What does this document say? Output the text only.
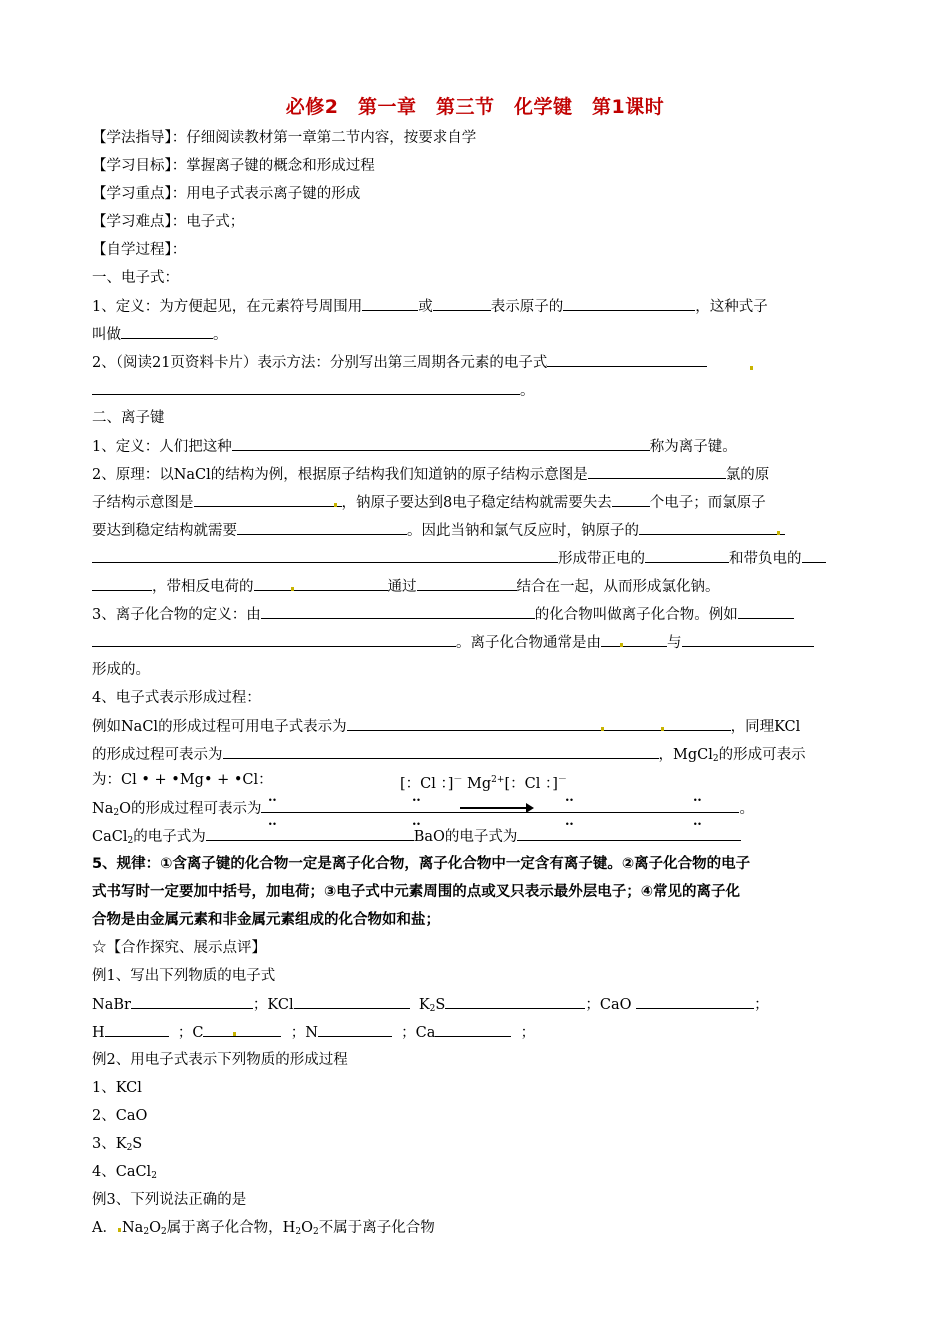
必修2　第一章　第三节　化学键　第1课时
【学法指导】：仔细阅读教材第一章第二节内容，按要求自学
【学习目标】：掌握离子键的概念和形成过程
【学习重点】：用电子式表示离子键的形成
【学习难点】：电子式；
【自学过程】：
一、电子式：
1、定义：为方便起见，在元素符号周围用	或	表示原子的	，这种式子
叫做	。
2、（阅读21页资料卡片）表示方法：分别写出第三周期各元素的电子式
。
二、离子键
1、定义：人们把这种	称为离子键。
2、原理：以NaCl的结构为例，根据原子结构我们知道钠的原子结构示意图是	氯的原
子结构示意图是	，钠原子要达到8电子稳定结构就需要失去	个电子；而氯原子
要达到稳定结构就需要	。因此当钠和氯气反应时，钠原子的
形成带正电的	和带负电的
，带相反电荷的	通过	结合在一起，从而形成氯化钠。
3、离子化合物的定义：由	的化合物叫做离子化合物。例如
。离子化合物通常是由	与
形成的。
4、电子式表示形成过程：
例如NaCl的形成过程可用电子式表示为	，同理KCl
的形成过程可表示为	，MgCl$_2$的形成可表示
为：Cl • + •Mg• + •Cl：	[：Cl ：]－ $Mg^{2+}$[：Cl ：]－
‥	‥	‥	‥
$Na_2O$的形成过程可表示为	。
‥	‥	‥	‥
CaCl$_2$的电子式为	BaO的电子式为
5、规律：①含离子键的化合物一定是离子化合物，离子化合物中一定含有离子键。②离子化合物的电子
式书写时一定要加中括号，加电荷；③电子式中元素周围的点或叉只表示最外层电子；④常见的离子化
合物是由金属元素和非金属元素组成的化合物如和盐；
☆【合作探究、展示点评】
例1、写出下列物质的电子式
NaBr	；KCl	$K_2S$	；CaO	；
H	；C	；N	；Ca	；
例2、用电子式表示下列物质的形成过程
1、KCl
2、CaO
3、$K_2S$
4、CaCl$_2$
例3、下列说法正确的是
A． $Na_2O_2$属于离子化合物，$H_2O_2$不属于离子化合物
